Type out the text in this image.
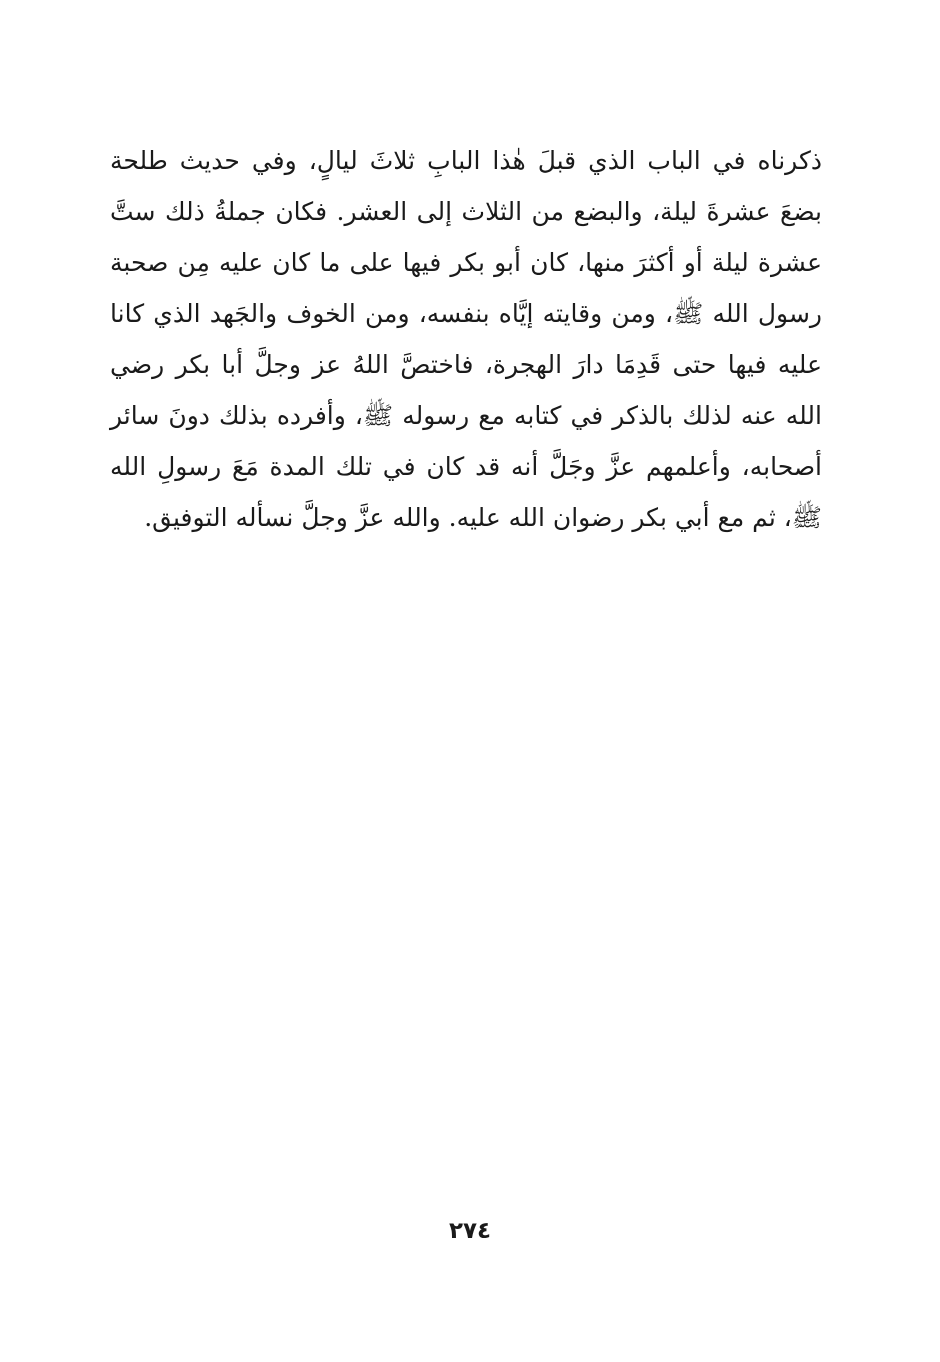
ذكرناه في الباب الذي قبلَ هٰذا البابِ ثلاثَ ليالٍ، وفي حديث طلحة
بضعَ عشرةَ ليلة، والبضع من الثلاث إلى العشر. فكان جملةُ ذلك ستَّ
عشرة ليلة أو أكثرَ منها، كان أبو بكر فيها على ما كان عليه مِن صحبة
رسول الله ﷺ، ومن وقايته إيَّاه بنفسه، ومن الخوف والجَهد الذي كانا
عليه فيها حتى قَدِمَا دارَ الهجرة، فاختصَّ اللهُ عز وجلَّ أبا بكر رضي
الله عنه لذلك بالذكر في كتابه مع رسوله ﷺ، وأفرده بذلك دونَ سائر
أصحابه، وأعلمهم عزَّ وجَلَّ أنه قد كان في تلك المدة مَعَ رسولِ الله
ﷺ، ثم مع أبي بكر رضوان الله عليه. والله عزَّ وجلَّ نسأله التوفيق.
٢٧٤
